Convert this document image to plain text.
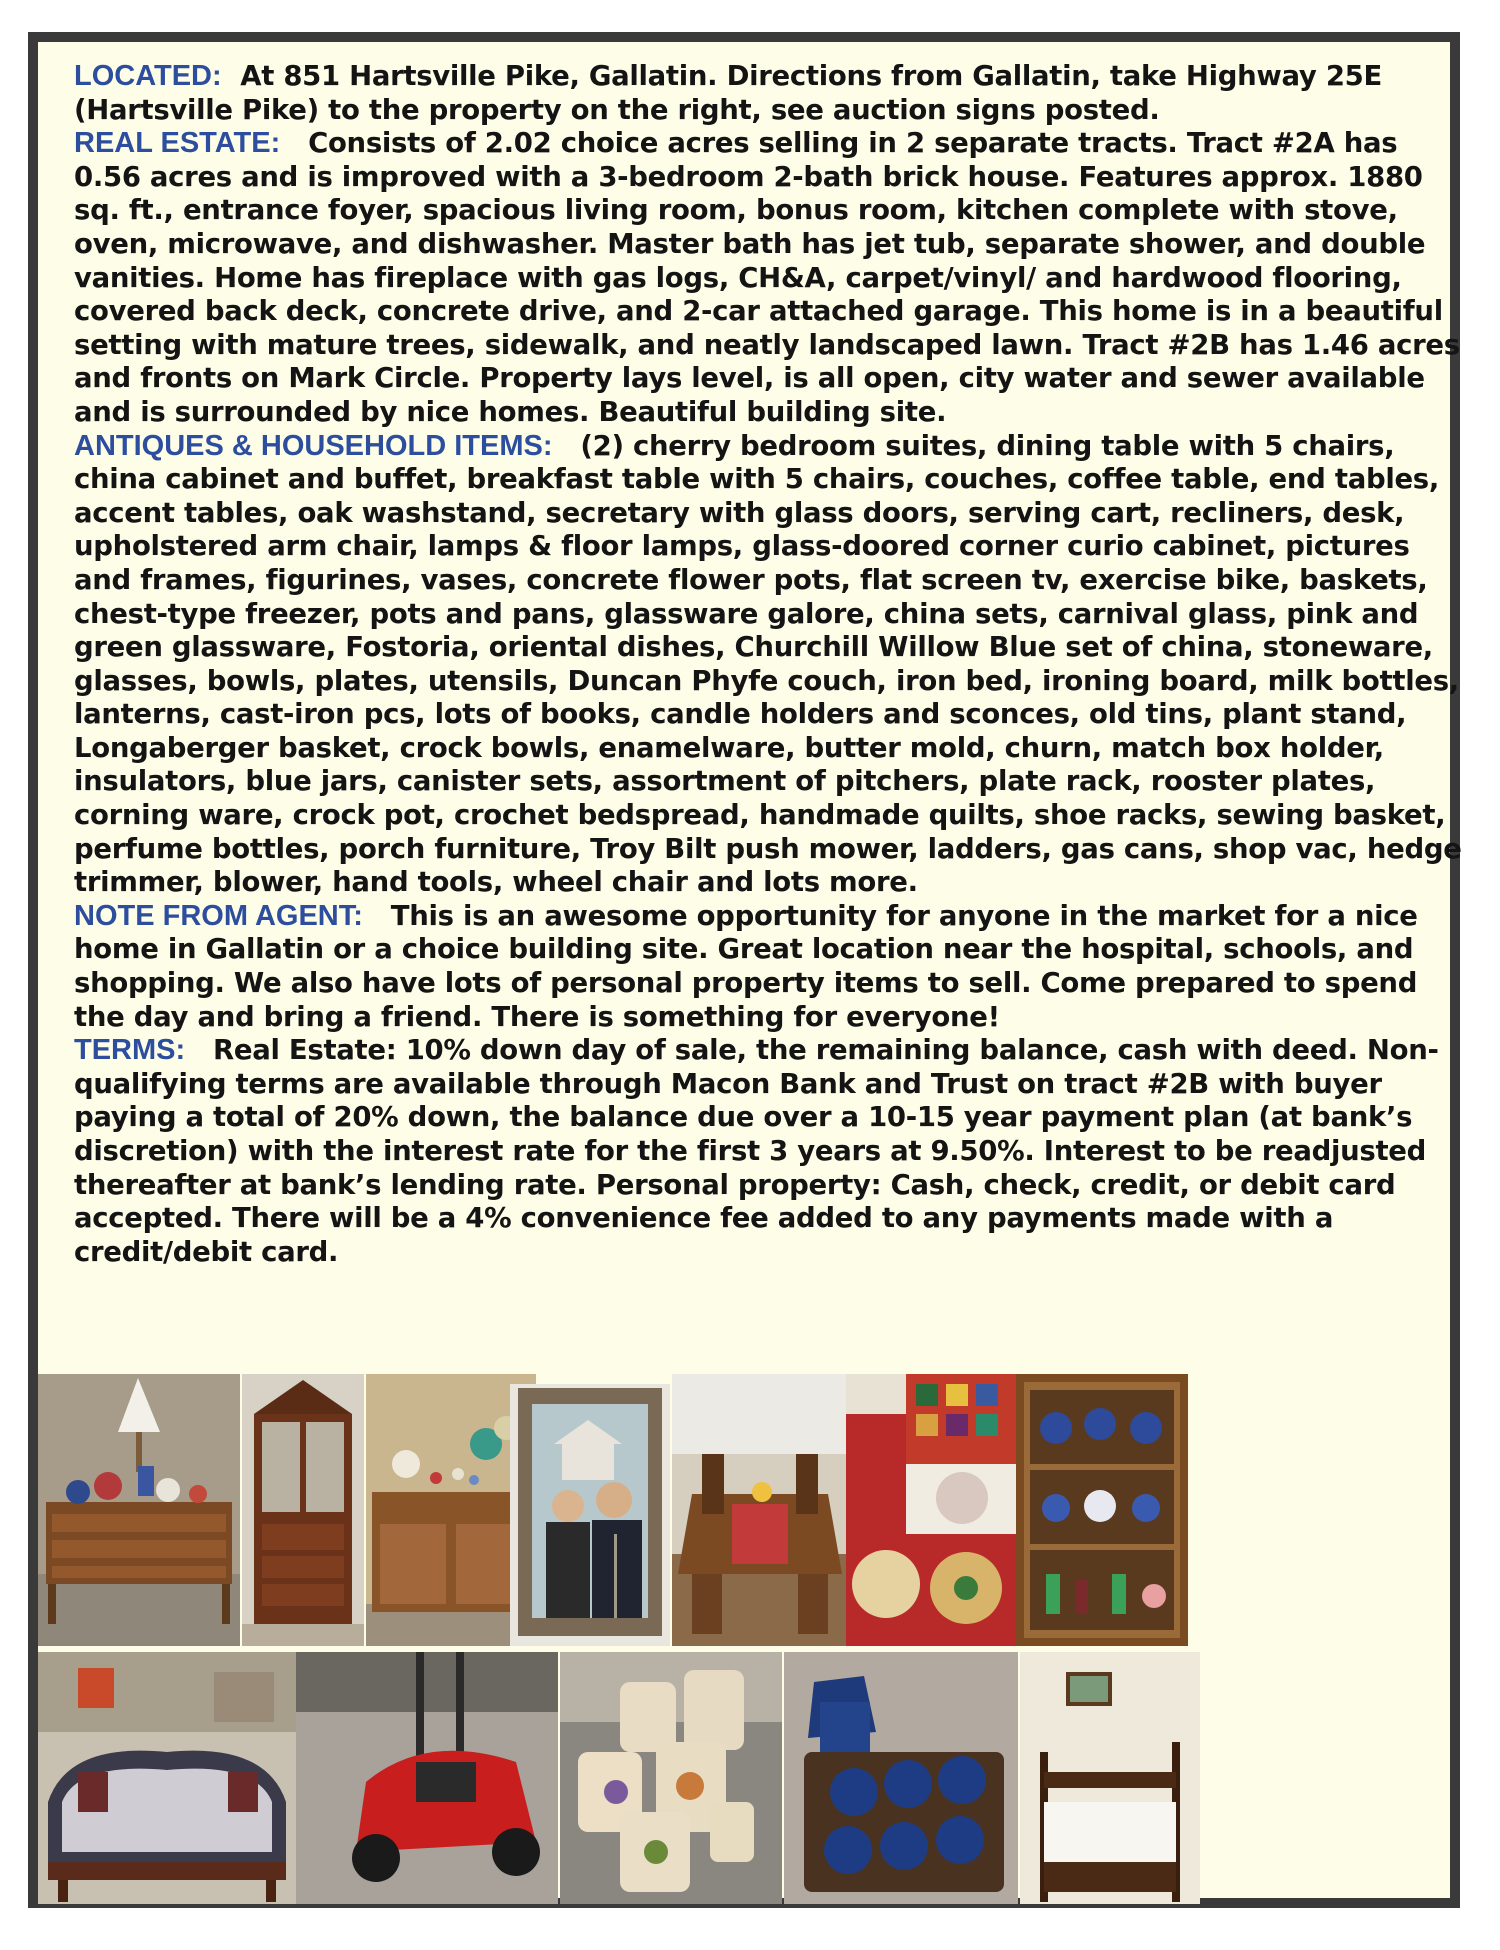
LOCATED: At 851 Hartsville Pike, Gallatin. Directions from Gallatin, take Highway 25E (Hartsville Pike) to the property on the right, see auction signs posted.

REAL ESTATE: Consists of 2.02 choice acres selling in 2 separate tracts. Tract #2A has 0.56 acres and is improved with a 3-bedroom 2-bath brick house. Features approx. 1880 sq. ft., entrance foyer, spacious living room, bonus room, kitchen complete with stove, oven, microwave, and dishwasher. Master bath has jet tub, separate shower, and double vanities. Home has fireplace with gas logs, CH&A, carpet/vinyl/ and hardwood flooring, covered back deck, concrete drive, and 2-car attached garage. This home is in a beautiful setting with mature trees, sidewalk, and neatly landscaped lawn. Tract #2B has 1.46 acres and fronts on Mark Circle. Property lays level, is all open, city water and sewer available and is surrounded by nice homes. Beautiful building site.

ANTIQUES & HOUSEHOLD ITEMS: (2) cherry bedroom suites, dining table with 5 chairs, china cabinet and buffet, breakfast table with 5 chairs, couches, coffee table, end tables, accent tables, oak washstand, secretary with glass doors, serving cart, recliners, desk, upholstered arm chair, lamps & floor lamps, glass-doored corner curio cabinet, pictures and frames, figurines, vases, concrete flower pots, flat screen tv, exercise bike, baskets, chest-type freezer, pots and pans, glassware galore, china sets, carnival glass, pink and green glassware, Fostoria, oriental dishes, Churchill Willow Blue set of china, stoneware, glasses, bowls, plates, utensils, Duncan Phyfe couch, iron bed, ironing board, milk bottles, lanterns, cast-iron pcs, lots of books, candle holders and sconces, old tins, plant stand, Longaberger basket, crock bowls, enamelware, butter mold, churn, match box holder, insulators, blue jars, canister sets, assortment of pitchers, plate rack, rooster plates, corning ware, crock pot, crochet bedspread, handmade quilts, shoe racks, sewing basket, perfume bottles, porch furniture, Troy Bilt push mower, ladders, gas cans, shop vac, hedge trimmer, blower, hand tools, wheel chair and lots more.

NOTE FROM AGENT: This is an awesome opportunity for anyone in the market for a nice home in Gallatin or a choice building site. Great location near the hospital, schools, and shopping. We also have lots of personal property items to sell. Come prepared to spend the day and bring a friend. There is something for everyone!

TERMS: Real Estate: 10% down day of sale, the remaining balance, cash with deed. Non-qualifying terms are available through Macon Bank and Trust on tract #2B with buyer paying a total of 20% down, the balance due over a 10-15 year payment plan (at bank’s discretion) with the interest rate for the first 3 years at 9.50%. Interest to be readjusted thereafter at bank’s lending rate. Personal property: Cash, check, credit, or debit card accepted. There will be a 4% convenience fee added to any payments made with a credit/debit card.
